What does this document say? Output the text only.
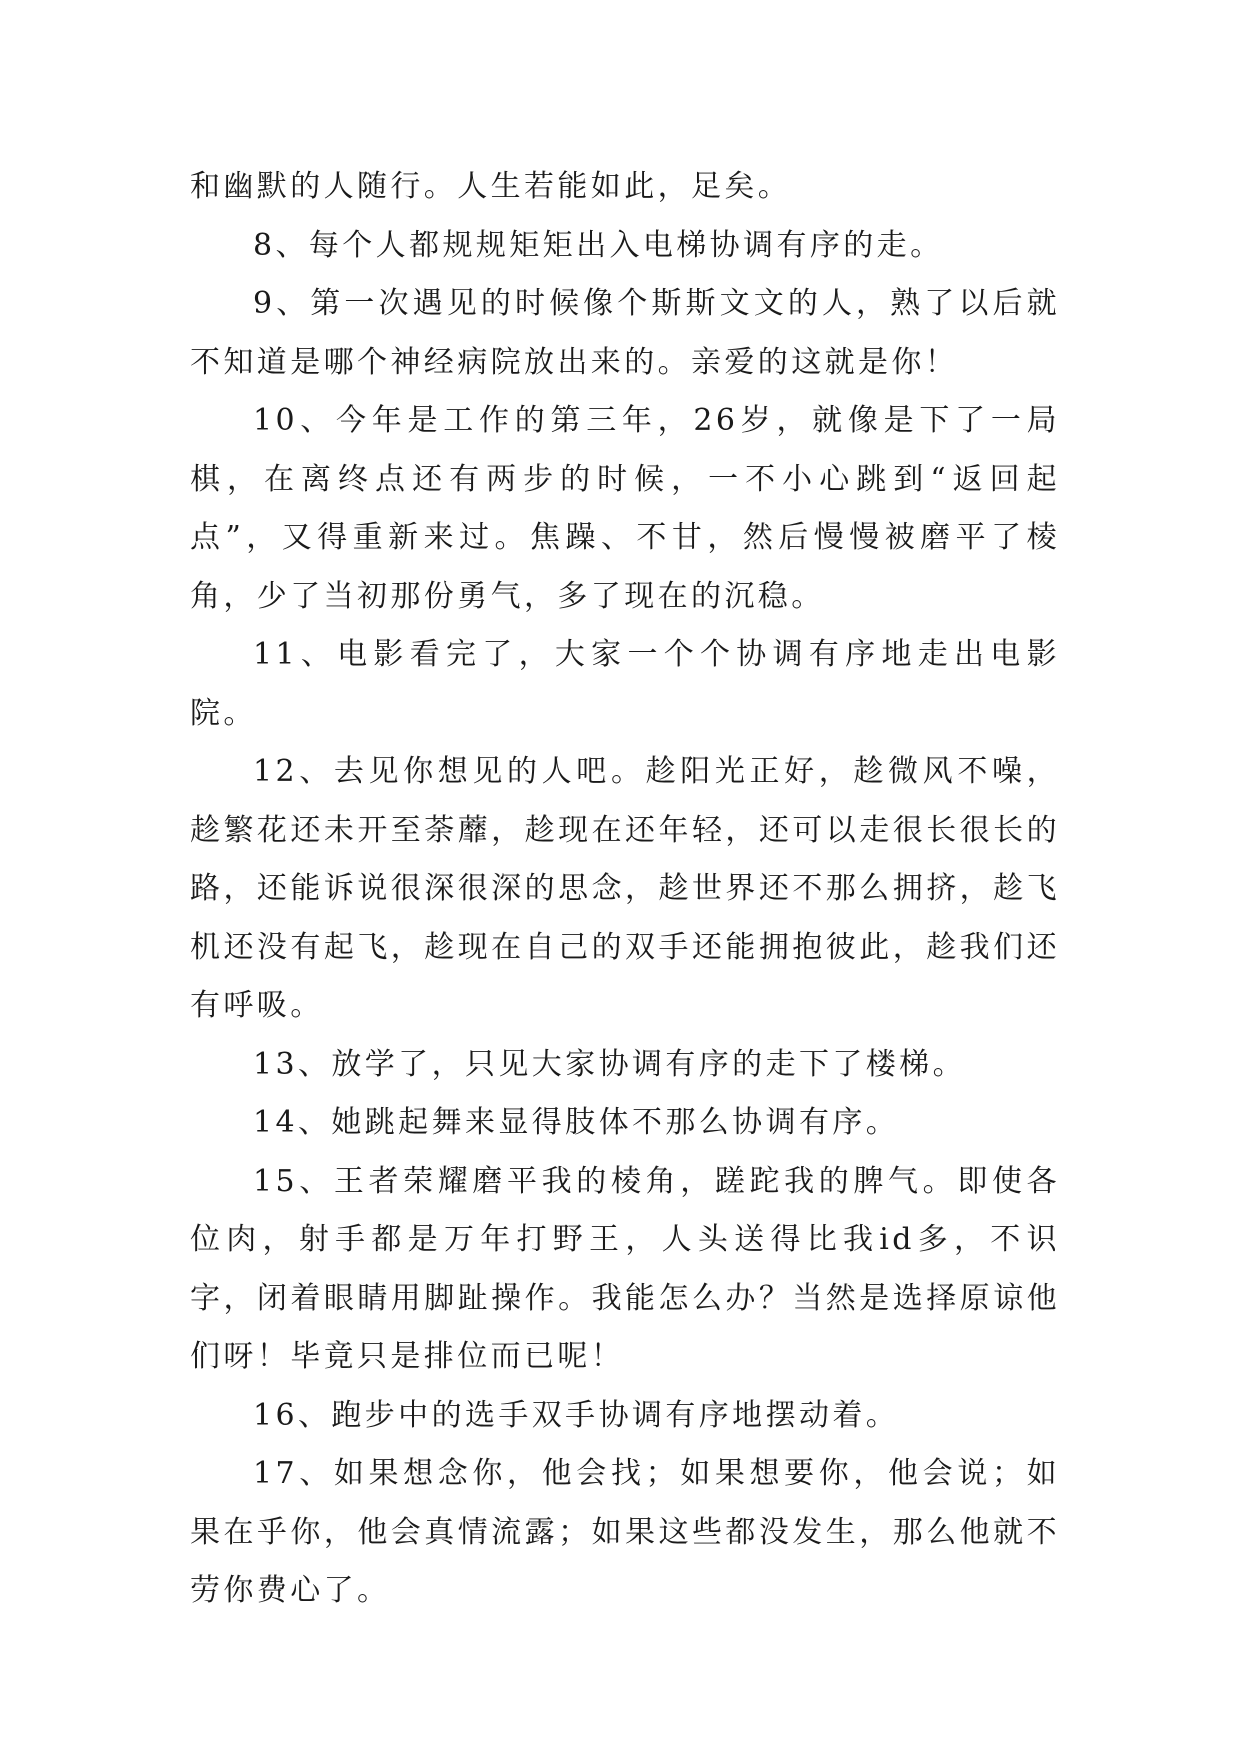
和幽默的人随行。人生若能如此，足矣。

8、每个人都规规矩矩出入电梯协调有序的走。

9、第一次遇见的时候像个斯斯文文的人，熟了以后就不知道是哪个神经病院放出来的。亲爱的这就是你！

10、今年是工作的第三年，26岁，就像是下了一局棋，在离终点还有两步的时候，一不小心跳到“返回起点”，又得重新来过。焦躁、不甘，然后慢慢被磨平了棱角，少了当初那份勇气，多了现在的沉稳。

11、电影看完了，大家一个个协调有序地走出电影院。

12、去见你想见的人吧。趁阳光正好，趁微风不噪，趁繁花还未开至荼蘼，趁现在还年轻，还可以走很长很长的路，还能诉说很深很深的思念，趁世界还不那么拥挤，趁飞机还没有起飞，趁现在自己的双手还能拥抱彼此，趁我们还有呼吸。

13、放学了，只见大家协调有序的走下了楼梯。

14、她跳起舞来显得肢体不那么协调有序。

15、王者荣耀磨平我的棱角，蹉跎我的脾气。即使各位肉，射手都是万年打野王，人头送得比我id多，不识字，闭着眼睛用脚趾操作。我能怎么办？当然是选择原谅他们呀！毕竟只是排位而已呢！

16、跑步中的选手双手协调有序地摆动着。

17、如果想念你，他会找；如果想要你，他会说；如果在乎你，他会真情流露；如果这些都没发生，那么他就不劳你费心了。
